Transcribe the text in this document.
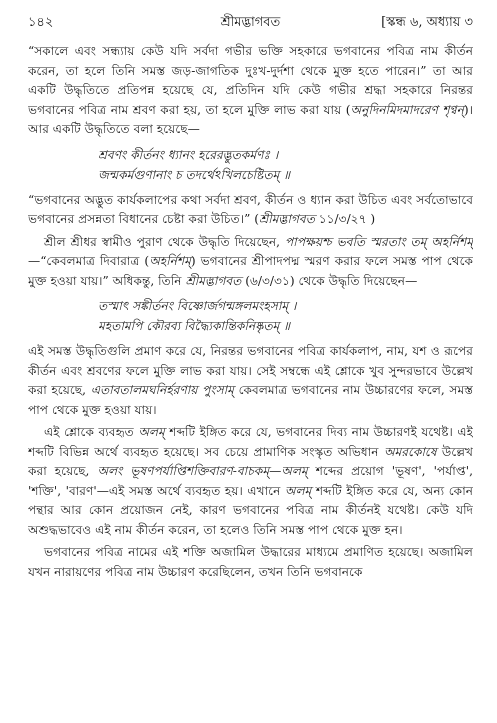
১৪২	শ্রীমদ্ভাগবত	[স্কন্ধ ৬, অধ্যায় ৩

“সকালে এবং সন্ধ্যায় কেউ যদি সর্বদা গভীর ভক্তি সহকারে ভগবানের পবিত্র নাম কীর্তন করেন, তা হলে তিনি সমস্ত জড়-জাগতিক দুঃখ-দুর্দশা থেকে মুক্ত হতে পারেন।” তা আর একটি উদ্ধৃতিতে প্রতিপন্ন হয়েছে যে, প্রতিদিন যদি কেউ গভীর শ্রদ্ধা সহকারে নিরন্তর ভগবানের পবিত্র নাম শ্রবণ করা হয়, তা হলে মুক্তি লাভ করা যায় (অনুদিনমিদমাদরেণ শৃণ্বন্)। আর একটি উদ্ধৃতিতে বলা হয়েছে—

শ্রবণং কীর্তনং ধ্যানং হরেরদ্ভুতকর্মণঃ ।
জন্মকর্মগুণানাং চ তদর্থেঽখিলচেষ্টিতম্ ॥

“ভগবানের অদ্ভুত কার্যকলাপের কথা সর্বদা শ্রবণ, কীর্তন ও ধ্যান করা উচিত এবং সর্বতোভাবে ভগবানের প্রসন্নতা বিধানের চেষ্টা করা উচিত।” (শ্রীমদ্ভাগবত ১১/৩/২৭ )

শ্রীল শ্রীধর স্বামীও পুরাণ থেকে উদ্ধৃতি দিয়েছেন, পাপক্ষয়শ্চ ভবতি স্মরতাং তম্ অহর্নিশম্—“কেবলমাত্র দিবারাত্র (অহর্নিশম্) ভগবানের শ্রীপাদপদ্ম স্মরণ করার ফলে সমস্ত পাপ থেকে মুক্ত হওয়া যায়।” অধিকন্তু, তিনি শ্রীমদ্ভাগবত (৬/৩/৩১) থেকে উদ্ধৃতি দিয়েছেন—

তস্মাৎ সঙ্কীর্তনং বিষ্ণোর্জগন্মঙ্গলমংহসাম্ ।
মহতামপি কৌরব্য বিদ্ধ্যৈকান্তিকনিষ্কৃতম্ ॥

এই সমস্ত উদ্ধৃতিগুলি প্রমাণ করে যে, নিরন্তর ভগবানের পবিত্র কার্যকলাপ, নাম, যশ ও রূপের কীর্তন এবং শ্রবণের ফলে মুক্তি লাভ করা যায়। সেই সম্বন্ধে এই শ্লোকে খুব সুন্দরভাবে উল্লেখ করা হয়েছে, এতাবতালমঘনির্হরণায় পুংসাম্ কেবলমাত্র ভগবানের নাম উচ্চারণের ফলে, সমস্ত পাপ থেকে মুক্ত হওয়া যায়।

এই শ্লোকে ব্যবহৃত অলম্ শব্দটি ইঙ্গিত করে যে, ভগবানের দিব্য নাম উচ্চারণই যথেষ্ট। এই শব্দটি বিভিন্ন অর্থে ব্যবহৃত হয়েছে। সব চেয়ে প্রামাণিক সংস্কৃত অভিধান অমরকোষে উল্লেখ করা হয়েছে, অলং ভূষণপর্যাপ্তিশক্তিবারণ-বাচকম্—অলম্ শব্দের প্রয়োগ 'ভূষণ', 'পর্যাপ্ত', 'শক্তি', 'বারণ'—এই সমস্ত অর্থে ব্যবহৃত হয়। এখানে অলম্ শব্দটি ইঙ্গিত করে যে, অন্য কোন পন্থার আর কোন প্রয়োজন নেই, কারণ ভগবানের পবিত্র নাম কীর্তনই যথেষ্ট। কেউ যদি অশুদ্ধভাবেও এই নাম কীর্তন করেন, তা হলেও তিনি সমস্ত পাপ থেকে মুক্ত হন।

ভগবানের পবিত্র নামের এই শক্তি অজামিল উদ্ধারের মাধ্যমে প্রমাণিত হয়েছে। অজামিল যখন নারায়ণের পবিত্র নাম উচ্চারণ করেছিলেন, তখন তিনি ভগবানকে
